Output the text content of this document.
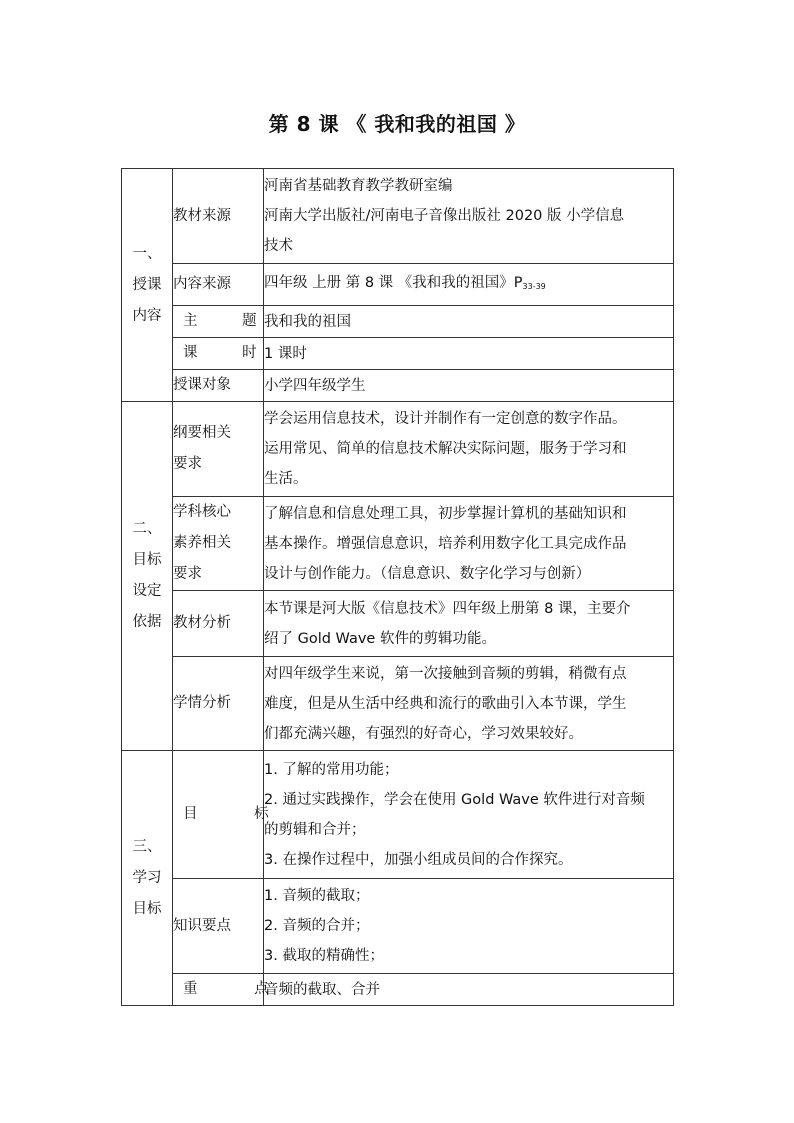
第 8 课 《 我和我的祖国 》
一、
授课
内容	教材来源	河南省基础教育教学教研室编
河南大学出版社/河南电子音像出版社 2020 版 小学信息
技术

	内容来源	四年级 上册 第 8 课 《我和我的祖国》P33-39

	主 题	我和我的祖国

	课 时	1 课时

	授课对象	小学四年级学生

二、
目标
设定
依据	纲要相关
要求	学会运用信息技术，设计并制作有一定创意的数字作品。
运用常见、简单的信息技术解决实际问题，服务于学习和
生活。

	学科核心
素养相关
要求	了解信息和信息处理工具，初步掌握计算机的基础知识和
基本操作。增强信息意识，培养利用数字化工具完成作品
设计与创作能力。（信息意识、数字化学习与创新）

	教材分析	本节课是河大版《信息技术》四年级上册第 8 课，主要介
绍了 Gold Wave 软件的剪辑功能。

	学情分析	对四年级学生来说，第一次接触到音频的剪辑，稍微有点
难度，但是从生活中经典和流行的歌曲引入本节课，学生
们都充满兴趣，有强烈的好奇心，学习效果较好。

三、
学习
目标	目 标	1. 了解的常用功能；
2. 通过实践操作，学会在使用 Gold Wave 软件进行对音频
的剪辑和合并；
3. 在操作过程中，加强小组成员间的合作探究。

	知识要点	1. 音频的截取；
2. 音频的合并；
3. 截取的精确性；

	重 点	音频的截取、合并
